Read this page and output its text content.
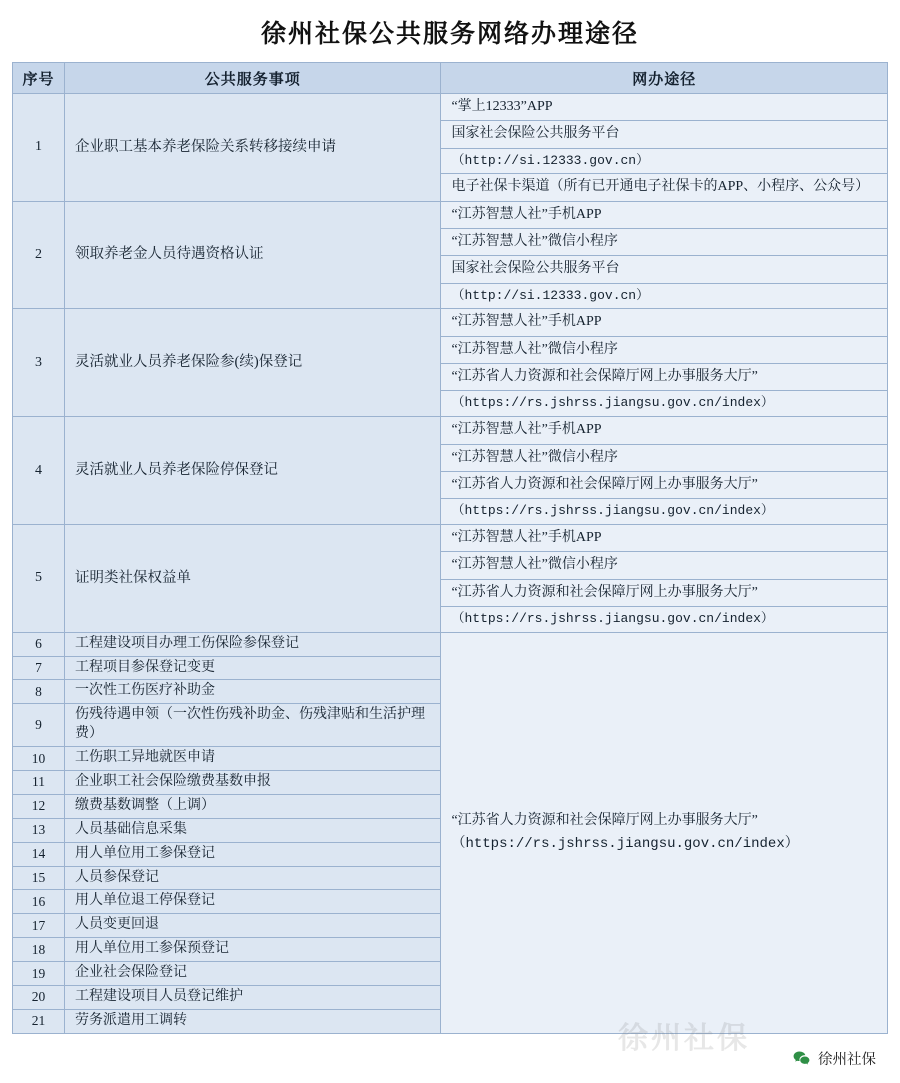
徐州社保公共服务网络办理途径
序号	公共服务事项	网办途径
1	企业职工基本养老保险关系转移接续申请	
“掌上12333”APP
国家社会保险公共服务平台
（http://si.12333.gov.cn）
电子社保卡渠道（所有已开通电子社保卡的APP、小程序、公众号）

2	领取养老金人员待遇资格认证	
“江苏智慧人社”手机APP
“江苏智慧人社”微信小程序
国家社会保险公共服务平台
（http://si.12333.gov.cn）

3	灵活就业人员养老保险参(续)保登记	
“江苏智慧人社”手机APP
“江苏智慧人社”微信小程序
“江苏省人力资源和社会保障厅网上办事服务大厅”
（https://rs.jshrss.jiangsu.gov.cn/index）

4	灵活就业人员养老保险停保登记	
“江苏智慧人社”手机APP
“江苏智慧人社”微信小程序
“江苏省人力资源和社会保障厅网上办事服务大厅”
（https://rs.jshrss.jiangsu.gov.cn/index）

5	证明类社保权益单	
“江苏智慧人社”手机APP
“江苏智慧人社”微信小程序
“江苏省人力资源和社会保障厅网上办事服务大厅”
（https://rs.jshrss.jiangsu.gov.cn/index）

6	工程建设项目办理工伤保险参保登记	“江苏省人力资源和社会保障厅网上办事服务大厅”
（https://rs.jshrss.jiangsu.gov.cn/index）

7	工程项目参保登记变更	
8	一次性工伤医疗补助金	
9	伤残待遇申领（一次性伤残补助金、伤残津贴和生活护理费）	
10	工伤职工异地就医申请	
11	企业职工社会保险缴费基数申报	
12	缴费基数调整（上调）	
13	人员基础信息采集	
14	用人单位用工参保登记	
15	人员参保登记	
16	用人单位退工停保登记	
17	人员变更回退	
18	用人单位用工参保预登记	
19	企业社会保险登记	
20	工程建设项目人员登记维护	
21	劳务派遣用工调转	
徐州社保
徐州社保
